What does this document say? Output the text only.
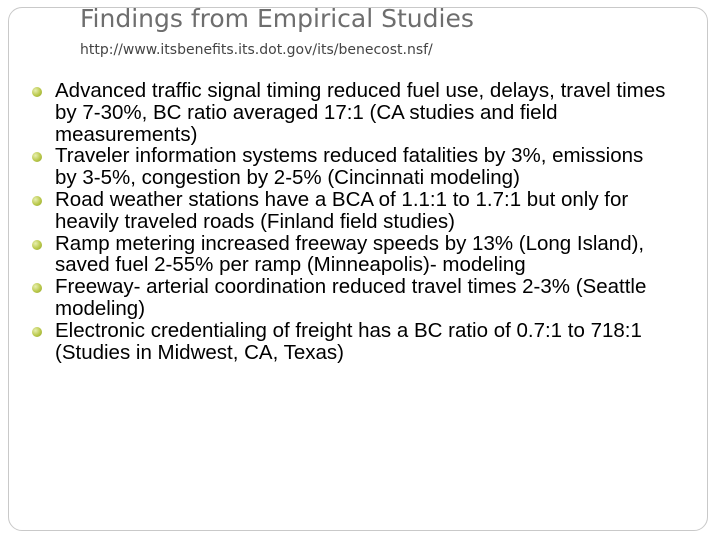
Findings from Empirical Studies

http://www.itsbenefits.its.dot.gov/its/benecost.nsf/

Advanced traffic signal timing reduced fuel use, delays, travel times by 7-30%, BC ratio averaged 17:1 (CA studies and field measurements)
Traveler information systems reduced fatalities by 3%, emissions by 3-5%, congestion by 2-5% (Cincinnati modeling)
Road weather stations have a BCA of 1.1:1 to 1.7:1 but only for heavily traveled roads (Finland field studies)
Ramp metering increased freeway speeds by 13% (Long Island), saved fuel 2-55% per ramp (Minneapolis)- modeling
Freeway- arterial coordination reduced travel times 2-3% (Seattle modeling)
Electronic credentialing of freight has a BC ratio of 0.7:1 to 718:1 (Studies in Midwest, CA, Texas)
